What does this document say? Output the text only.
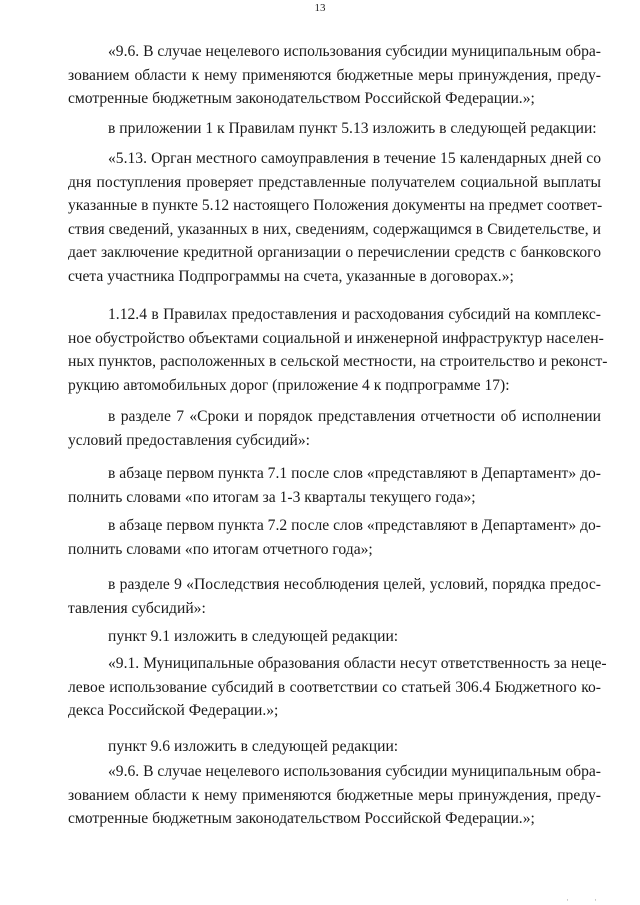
13
«9.6. В случае нецелевого использования субсидии муниципальным обра-
зованием области к нему применяются бюджетные меры принуждения, преду-
смотренные бюджетным законодательством Российской Федерации.»;
в приложении 1 к Правилам пункт 5.13 изложить в следующей редакции:
«5.13. Орган местного самоуправления в течение 15 календарных дней со
дня поступления проверяет представленные получателем социальной выплаты
указанные в пункте 5.12 настоящего Положения документы на предмет соответ-
ствия сведений, указанных в них, сведениям, содержащимся в Свидетельстве, и
дает заключение кредитной организации о перечислении средств с банковского
счета участника Подпрограммы на счета, указанные в договорах.»;
1.12.4 в Правилах предоставления и расходования субсидий на комплекс-
ное обустройство объектами социальной и инженерной инфраструктур населен-
ных пунктов, расположенных в сельской местности, на строительство и реконст-
рукцию автомобильных дорог (приложение 4 к подпрограмме 17):
в разделе 7 «Сроки и порядок представления отчетности об исполнении
условий предоставления субсидий»:
в абзаце первом пункта 7.1 после слов «представляют в Департамент» до-
полнить словами «по итогам за 1-3 кварталы текущего года»;
в абзаце первом пункта 7.2 после слов «представляют в Департамент» до-
полнить словами «по итогам отчетного года»;
в разделе 9 «Последствия несоблюдения целей, условий, порядка предос-
тавления субсидий»:
пункт 9.1 изложить в следующей редакции:
«9.1. Муниципальные образования области несут ответственность за неце-
левое использование субсидий в соответствии со статьей 306.4 Бюджетного ко-
декса Российской Федерации.»;
пункт 9.6 изложить в следующей редакции:
«9.6. В случае нецелевого использования субсидии муниципальным обра-
зованием области к нему применяются бюджетные меры принуждения, преду-
смотренные бюджетным законодательством Российской Федерации.»;
·	·
